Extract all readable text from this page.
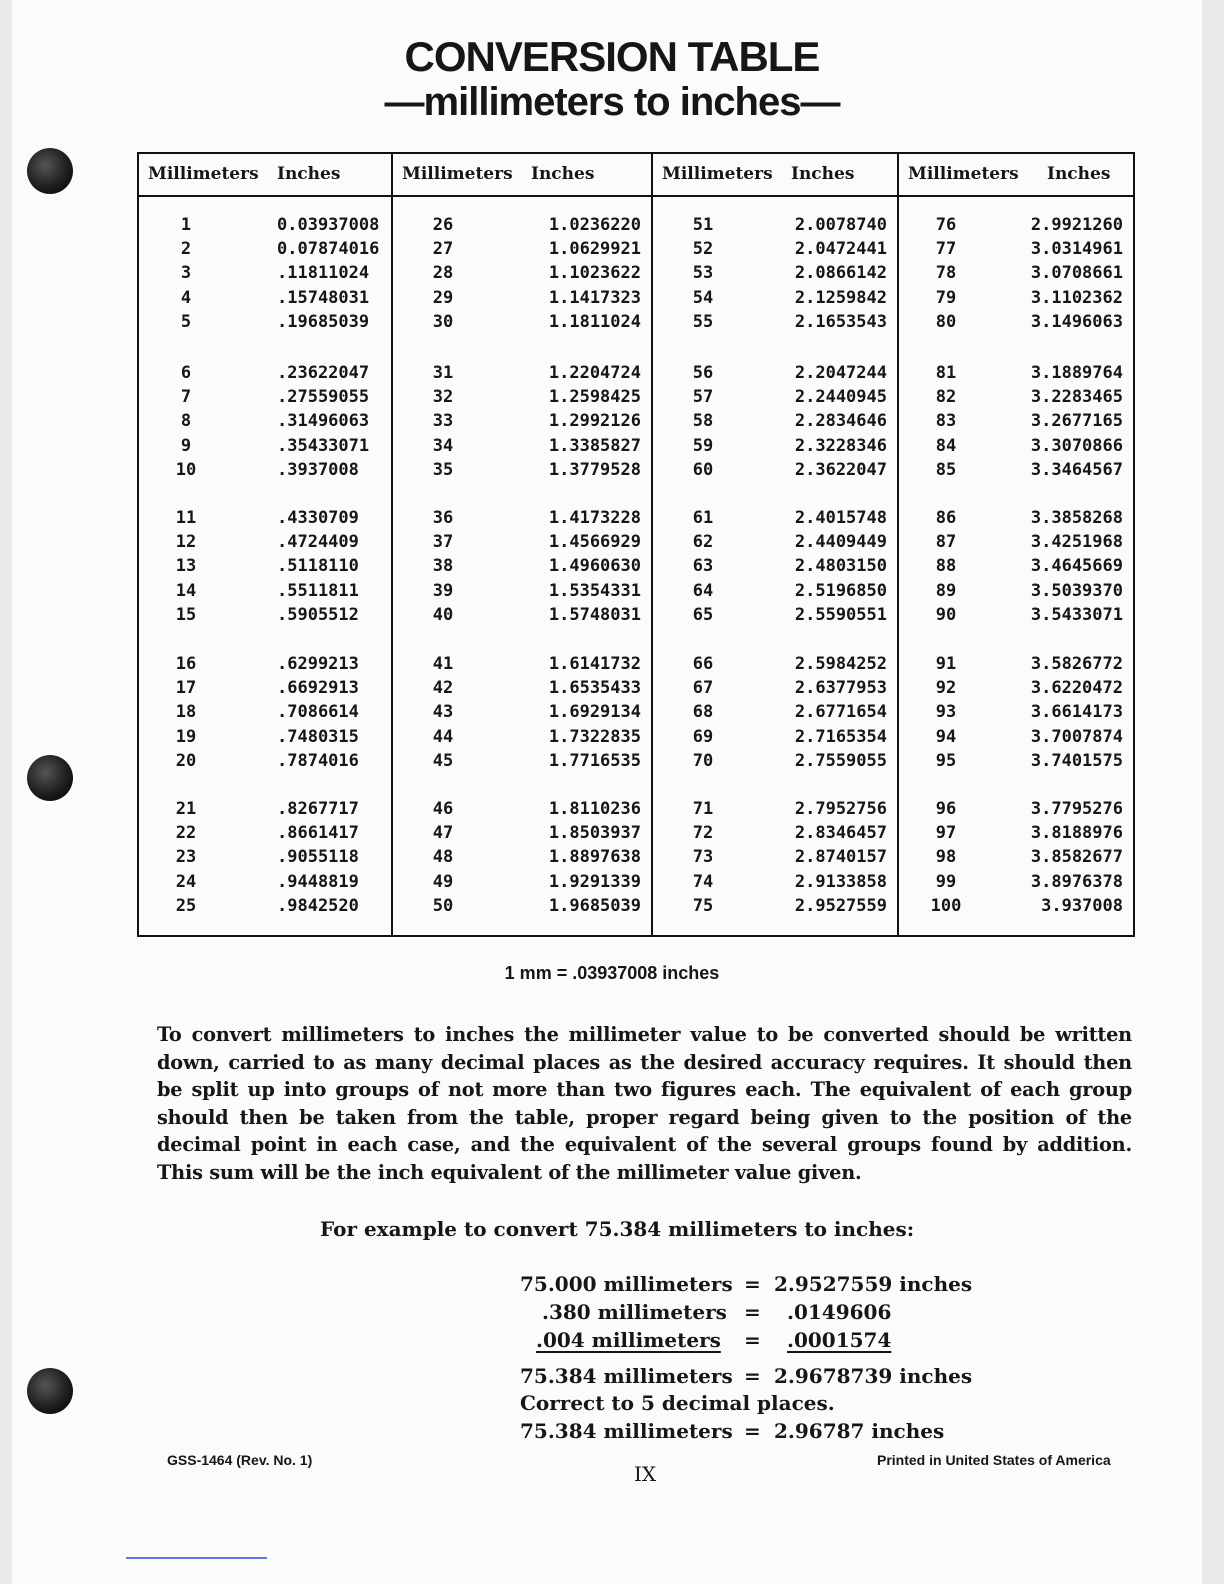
CONVERSION TABLE
—millimeters to inches—
Millimeters Inches
1	0.03937008
2	0.07874016
3	.11811024
4	.15748031
5	.19685039
6	.23622047
7	.27559055
8	.31496063
9	.35433071
10	.3937008
11	.4330709
12	.4724409
13	.5118110
14	.5511811
15	.5905512
16	.6299213
17	.6692913
18	.7086614
19	.7480315
20	.7874016
21	.8267717
22	.8661417
23	.9055118
24	.9448819
25	.9842520
Millimeters Inches
26	1.0236220
27	1.0629921
28	1.1023622
29	1.1417323
30	1.1811024
31	1.2204724
32	1.2598425
33	1.2992126
34	1.3385827
35	1.3779528
36	1.4173228
37	1.4566929
38	1.4960630
39	1.5354331
40	1.5748031
41	1.6141732
42	1.6535433
43	1.6929134
44	1.7322835
45	1.7716535
46	1.8110236
47	1.8503937
48	1.8897638
49	1.9291339
50	1.9685039
Millimeters Inches
51	2.0078740
52	2.0472441
53	2.0866142
54	2.1259842
55	2.1653543
56	2.2047244
57	2.2440945
58	2.2834646
59	2.3228346
60	2.3622047
61	2.4015748
62	2.4409449
63	2.4803150
64	2.5196850
65	2.5590551
66	2.5984252
67	2.6377953
68	2.6771654
69	2.7165354
70	2.7559055
71	2.7952756
72	2.8346457
73	2.8740157
74	2.9133858
75	2.9527559
Millimeters Inches
76	2.9921260
77	3.0314961
78	3.0708661
79	3.1102362
80	3.1496063
81	3.1889764
82	3.2283465
83	3.2677165
84	3.3070866
85	3.3464567
86	3.3858268
87	3.4251968
88	3.4645669
89	3.5039370
90	3.5433071
91	3.5826772
92	3.6220472
93	3.6614173
94	3.7007874
95	3.7401575
96	3.7795276
97	3.8188976
98	3.8582677
99	3.8976378
100	3.937008
1 mm = .03937008 inches
To convert millimeters to inches the millimeter value to be converted should be written down, carried to as many decimal places as the desired accuracy requires. It should then be split up into groups of not more than two figures each. The equivalent of each group should then be taken from the table, proper regard being given to the position of the decimal point in each case, and the equivalent of the several groups found by addition. This sum will be the inch equivalent of the millimeter value given.
For example to convert 75.384 millimeters to inches:
75.000 millimeters = 2.9527559 inches
.380 millimeters = .0149606
.004 millimeters = .0001574
75.384 millimeters = 2.9678739 inches
Correct to 5 decimal places.
75.384 millimeters = 2.96787 inches
GSS-1464 (Rev. No. 1)	Printed in United States of America
IX
